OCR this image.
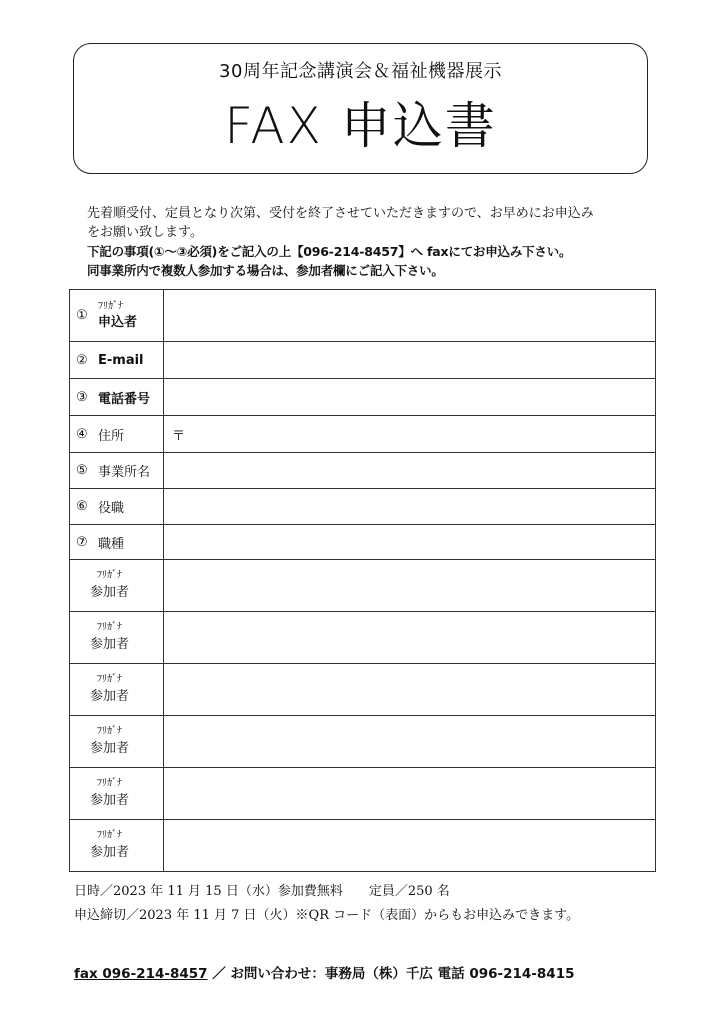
30周年記念講演会＆福祉機器展示
FAX 申込書

先着順受付、定員となり次第、受付を終了させていただきますので、お早めにお申込み

をお願い致します。

下記の事項(①～③必須)をご記入の上【096-214-8457】へ faxにてお申込み下さい。

同事業所内で複数人参加する場合は、参加者欄にご記入下さい。

①
ﾌﾘｶﾞﾅ
申込者	

② E-mail	

③ 電話番号	

④ 住所	〒

⑤ 事業所名	

⑥ 役職	

⑦ 職種	

ﾌﾘｶﾞﾅ
参加者	

ﾌﾘｶﾞﾅ
参加者	

ﾌﾘｶﾞﾅ
参加者	

ﾌﾘｶﾞﾅ
参加者	

ﾌﾘｶﾞﾅ
参加者	

ﾌﾘｶﾞﾅ
参加者	

日時／2023 年 11 月 15 日（水）参加費無料　　定員／250 名

申込締切／2023 年 11 月 7 日（火）※QR コード（表面）からもお申込みできます。

fax 096-214-8457 ／ お問い合わせ：事務局（株）千広 電話 096-214-8415
